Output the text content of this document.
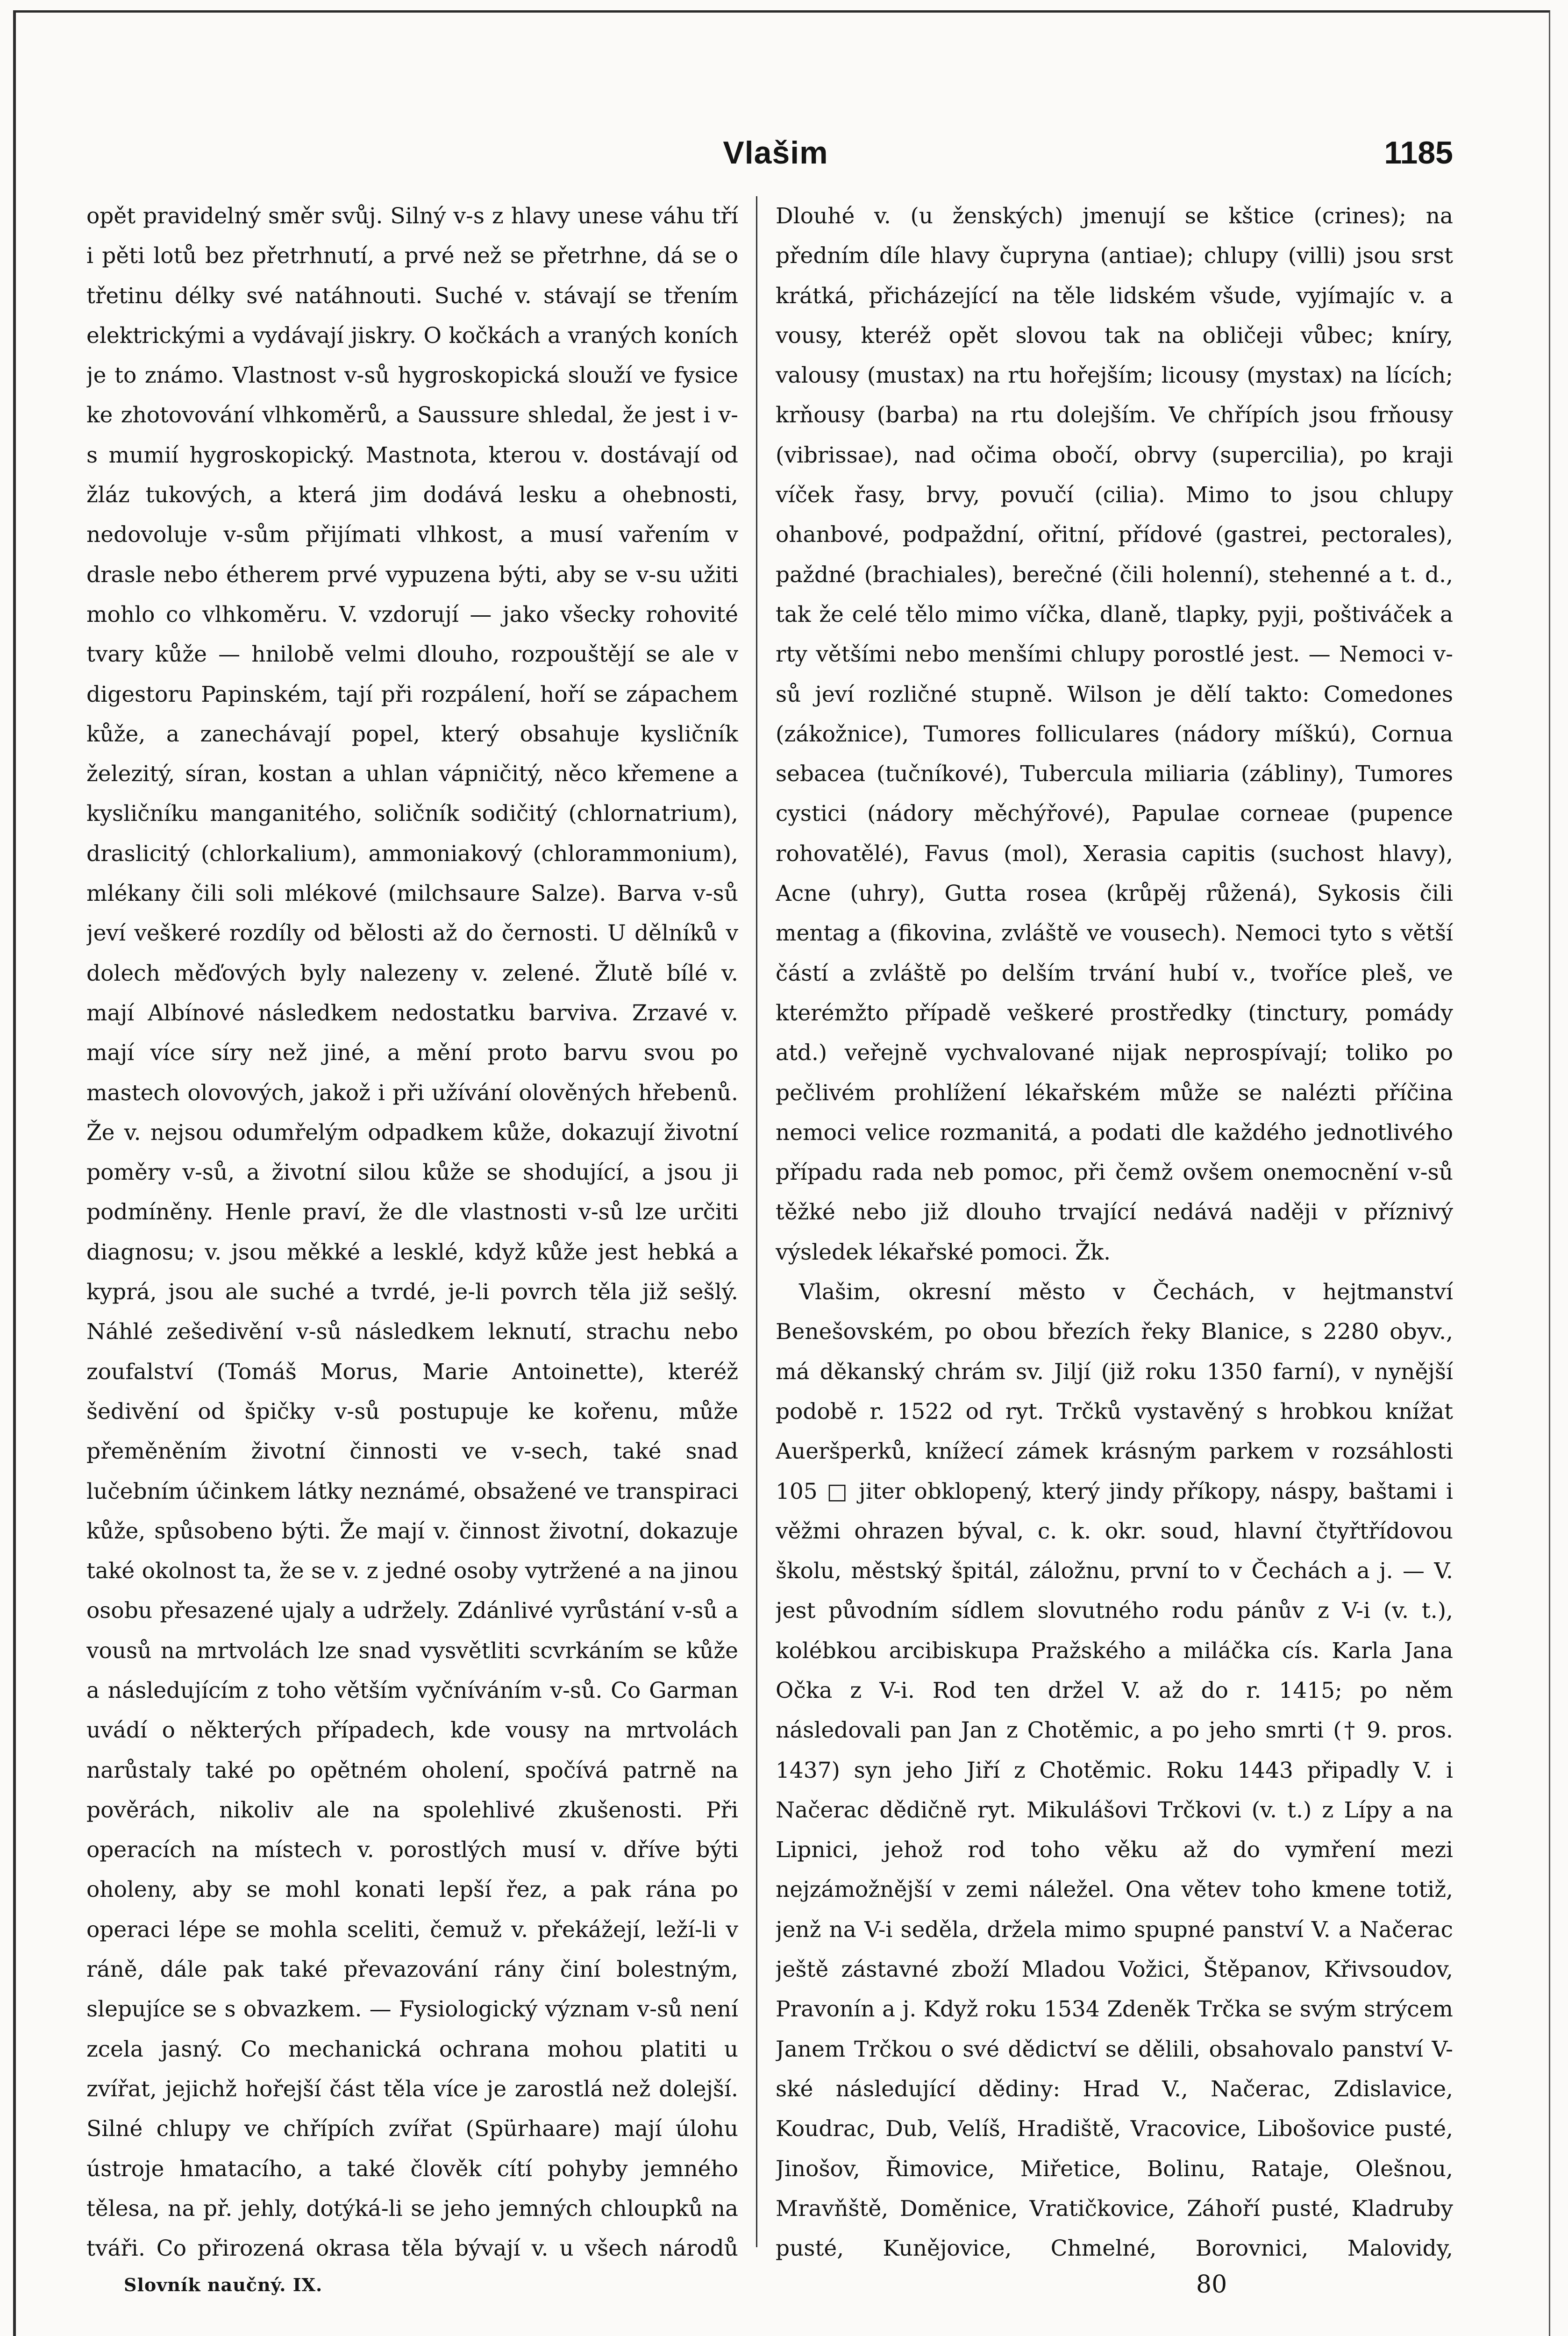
Vlašim	1185

opět pravidelný směr svůj. Silný v-s z hlavy unese váhu tří i pěti lotů bez přetrhnutí, a prvé než se přetrhne, dá se o třetinu délky své natáhnouti. Suché v. stávají se třením elektrickými a vydávají jiskry. O kočkách a vraných koních je to známo. Vlastnost v-sů hygroskopická slouží ve fysice ke zhotovování vlhkoměrů, a Saussure shledal, že jest i v-s mumií hygroskopický. Mastnota, kterou v. dostávají od žláz tukových, a která jim dodává lesku a ohebnosti, nedovoluje v-sům přijímati vlhkost, a musí vařením v drasle nebo étherem prvé vypuzena býti, aby se v-su užiti mohlo co vlhkoměru. V. vzdorují — jako všecky rohovité tvary kůže — hnilobě velmi dlouho, rozpouštějí se ale v digestoru Papinském, tají při rozpálení, hoří se zápachem kůže, a zanechávají popel, který obsahuje kysličník železitý, síran, kostan a uhlan vápničitý, něco křemene a kysličníku manganitého, soličník sodičitý (chlornatrium), draslicitý (chlorkalium), ammoniakový (chlorammonium), mlékany čili soli mlékové (milchsaure Salze). Barva v-sů jeví veškeré rozdíly od bělosti až do černosti. U dělníků v dolech měďových byly nalezeny v. zelené. Žlutě bílé v. mají Albínové následkem nedostatku barviva. Zrzavé v. mají více síry než jiné, a mění proto barvu svou po mastech olovových, jakož i při užívání olověných hřebenů. Že v. nejsou odumřelým odpadkem kůže, dokazují životní poměry v-sů, a životní silou kůže se shodující, a jsou ji podmíněny. Henle praví, že dle vlastnosti v-sů lze určiti diagnosu; v. jsou měkké a lesklé, když kůže jest hebká a kyprá, jsou ale suché a tvrdé, je-li povrch těla již sešlý. Náhlé zešedivění v-sů následkem leknutí, strachu nebo zoufalství (Tomáš Morus, Marie Antoinette), kteréž šedivění od špičky v-sů postupuje ke kořenu, může přeměněním životní činnosti ve v-sech, také snad lučebním účinkem látky neznámé, obsažené ve transpiraci kůže, spůsobeno býti. Že mají v. činnost životní, dokazuje také okolnost ta, že se v. z jedné osoby vytržené a na jinou osobu přesazené ujaly a udržely. Zdánlivé vyrůstání v-sů a vousů na mrtvolách lze snad vysvětliti scvrkáním se kůže a následujícím z toho větším vyčníváním v-sů. Co Garman uvádí o některých případech, kde vousy na mrtvolách narůstaly také po opětném oholení, spočívá patrně na pověrách, nikoliv ale na spolehlivé zkušenosti. Při operacích na místech v. porostlých musí v. dříve býti oholeny, aby se mohl konati lepší řez, a pak rána po operaci lépe se mohla sceliti, čemuž v. překážejí, leží-li v ráně, dále pak také převazování rány činí bolestným, slepujíce se s obvazkem. — Fysiologický význam v-sů není zcela jasný. Co mechanická ochrana mohou platiti u zvířat, jejichž hořejší část těla více je zarostlá než dolejší. Silné chlupy ve chřípích zvířat (Spürhaare) mají úlohu ústroje hmatacího, a také člověk cítí pohyby jemného tělesa, na př. jehly, dotýká-li se jeho jemných chloupků na tváři. Co přirozená okrasa těla bývají v. u všech národů

Dlouhé v. (u ženských) jmenují se kštice (crines); na předním díle hlavy čupryna (antiae); chlupy (villi) jsou srst krátká, přicházející na těle lidském všude, vyjímajíc v. a vousy, kteréž opět slovou tak na obličeji vůbec; kníry, valousy (mustax) na rtu hořejším; licousy (mystax) na lících; krňousy (barba) na rtu dolejším. Ve chřípích jsou frňousy (vibrissae), nad očima obočí, obrvy (supercilia), po kraji víček řasy, brvy, povučí (cilia). Mimo to jsou chlupy ohanbové, podpaždní, ořitní, přídové (gastrei, pectorales), paždné (brachiales), berečné (čili holenní), stehenné a t. d., tak že celé tělo mimo víčka, dlaně, tlapky, pyji, poštiváček a rty většími nebo menšími chlupy porostlé jest. — Nemoci v-sů jeví rozličné stupně. Wilson je dělí takto: Comedones (zákožnice), Tumores folliculares (nádory míškú), Cornua sebacea (tučníkové), Tubercula miliaria (zábliny), Tumores cystici (nádory měchýřové), Papulae corneae (pupence rohovatělé), Favus (mol), Xerasia capitis (suchost hlavy), Acne (uhry), Gutta rosea (krůpěj růžená), Sykosis čili mentag a (fikovina, zvláště ve vousech). Nemoci tyto s větší částí a zvláště po delším trvání hubí v., tvoříce pleš, ve kterémžto případě veškeré prostředky (tinctury, pomády atd.) veřejně vychvalované nijak neprospívají; toliko po pečlivém prohlížení lékařském může se nalézti příčina nemoci velice rozmanitá, a podati dle každého jednotlivého případu rada neb pomoc, při čemž ovšem onemocnění v-sů těžké nebo již dlouho trvající nedává naději v příznivý výsledek lékařské pomoci. Žk.

Vlašim, okresní město v Čechách, v hejtmanství Benešovském, po obou březích řeky Blanice, s 2280 obyv., má děkanský chrám sv. Jiljí (již roku 1350 farní), v nynější podobě r. 1522 od ryt. Trčků vystavěný s hrobkou knížat Aueršperků, knížecí zámek krásným parkem v rozsáhlosti 105 □ jiter obklopený, který jindy příkopy, náspy, baštami i věžmi ohrazen býval, c. k. okr. soud, hlavní čtyřtřídovou školu, městský špitál, záložnu, první to v Čechách a j. — V. jest původním sídlem slovutného rodu pánův z V-i (v. t.), kolébkou arcibiskupa Pražského a miláčka cís. Karla Jana Očka z V-i. Rod ten držel V. až do r. 1415; po něm následovali pan Jan z Chotěmic, a po jeho smrti († 9. pros. 1437) syn jeho Jiří z Chotěmic. Roku 1443 připadly V. i Načerac dědičně ryt. Mikulášovi Trčkovi (v. t.) z Lípy a na Lipnici, jehož rod toho věku až do vymření mezi nejzámožnější v zemi náležel. Ona větev toho kmene totiž, jenž na V-i seděla, držela mimo spupné panství V. a Načerac ještě zástavné zboží Mladou Vožici, Štěpanov, Křivsoudov, Pravonín a j. Když roku 1534 Zdeněk Trčka se svým strýcem Janem Trčkou o své dědictví se dělili, obsahovalo panství V-ské následující dědiny: Hrad V., Načerac, Zdislavice, Koudrac, Dub, Velíš, Hradiště, Vracovice, Libošovice pusté, Jinošov, Řimovice, Miřetice, Bolinu, Rataje, Olešnou, Mravňště, Doměnice, Vratičkovice, Záhoří pusté, Kladruby pusté, Kunějovice, Chmelné, Borovnici, Malovidy,

Slovník naučný. IX.	80
